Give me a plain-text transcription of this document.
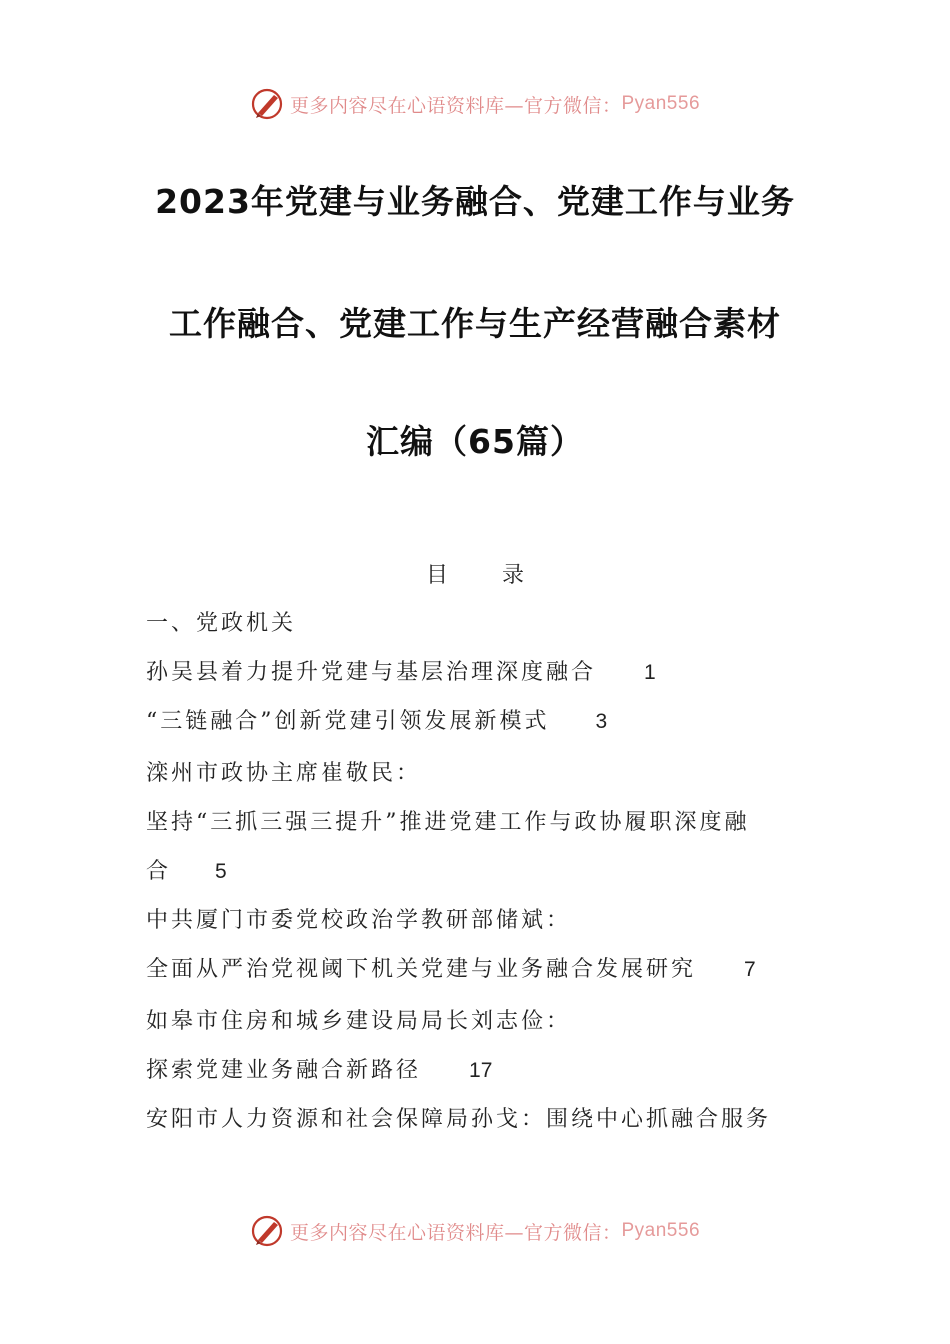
更多内容尽在心语资料库—官方微信： Pyan556
2023年党建与业务融合、党建工作与业务
工作融合、党建工作与生产经营融合素材
汇编（65篇）
目 录
一、党政机关
孙吴县着力提升党建与基层治理深度融合 1
“三链融合”创新党建引领发展新模式 3
滦州市政协主席崔敬民：
坚持“三抓三强三提升”推进党建工作与政协履职深度融
合 5
中共厦门市委党校政治学教研部储斌：
全面从严治党视阈下机关党建与业务融合发展研究 7
如皋市住房和城乡建设局局长刘志俭：
探索党建业务融合新路径 17
安阳市人力资源和社会保障局孙戈：围绕中心抓融合服务
更多内容尽在心语资料库—官方微信： Pyan556
